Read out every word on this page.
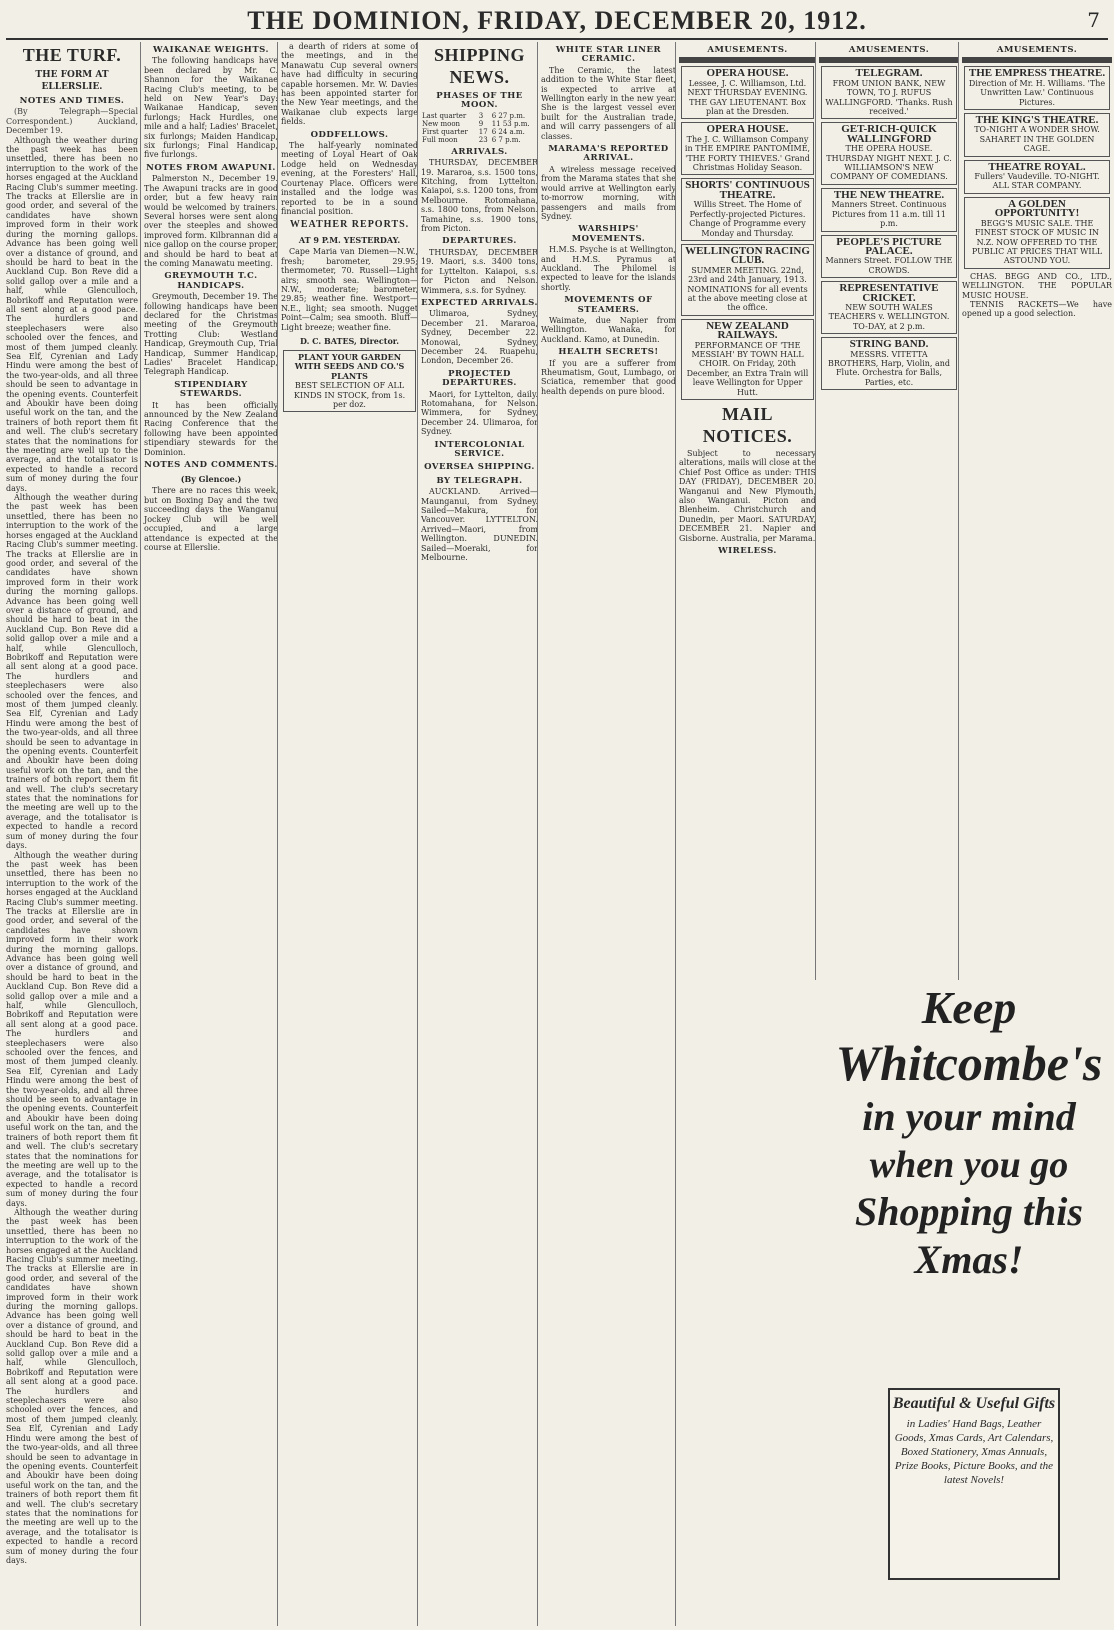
THE DOMINION, FRIDAY, DECEMBER 20, 1912.	7
THE TURF.
THE FORM AT ELLERSLIE.
NOTES AND TIMES.

(By Telegraph—Special Correspondent.) Auckland, December 19.

Although the weather during the past week has been unsettled, there has been no interruption to the work of the horses engaged at the Auckland Racing Club's summer meeting. The tracks at Ellerslie are in good order, and several of the candidates have shown improved form in their work during the morning gallops. Advance has been going well over a distance of ground, and should be hard to beat in the Auckland Cup. Bon Reve did a solid gallop over a mile and a half, while Glenculloch, Bobrikoff and Reputation were all sent along at a good pace. The hurdlers and steeplechasers were also schooled over the fences, and most of them jumped cleanly. Sea Elf, Cyrenian and Lady Hindu were among the best of the two-year-olds, and all three should be seen to advantage in the opening events. Counterfeit and Aboukir have been doing useful work on the tan, and the trainers of both report them fit and well. The club's secretary states that the nominations for the meeting are well up to the average, and the totalisator is expected to handle a record sum of money during the four days.

Although the weather during the past week has been unsettled, there has been no interruption to the work of the horses engaged at the Auckland Racing Club's summer meeting. The tracks at Ellerslie are in good order, and several of the candidates have shown improved form in their work during the morning gallops. Advance has been going well over a distance of ground, and should be hard to beat in the Auckland Cup. Bon Reve did a solid gallop over a mile and a half, while Glenculloch, Bobrikoff and Reputation were all sent along at a good pace. The hurdlers and steeplechasers were also schooled over the fences, and most of them jumped cleanly. Sea Elf, Cyrenian and Lady Hindu were among the best of the two-year-olds, and all three should be seen to advantage in the opening events. Counterfeit and Aboukir have been doing useful work on the tan, and the trainers of both report them fit and well. The club's secretary states that the nominations for the meeting are well up to the average, and the totalisator is expected to handle a record sum of money during the four days.

Although the weather during the past week has been unsettled, there has been no interruption to the work of the horses engaged at the Auckland Racing Club's summer meeting. The tracks at Ellerslie are in good order, and several of the candidates have shown improved form in their work during the morning gallops. Advance has been going well over a distance of ground, and should be hard to beat in the Auckland Cup. Bon Reve did a solid gallop over a mile and a half, while Glenculloch, Bobrikoff and Reputation were all sent along at a good pace. The hurdlers and steeplechasers were also schooled over the fences, and most of them jumped cleanly. Sea Elf, Cyrenian and Lady Hindu were among the best of the two-year-olds, and all three should be seen to advantage in the opening events. Counterfeit and Aboukir have been doing useful work on the tan, and the trainers of both report them fit and well. The club's secretary states that the nominations for the meeting are well up to the average, and the totalisator is expected to handle a record sum of money during the four days.

Although the weather during the past week has been unsettled, there has been no interruption to the work of the horses engaged at the Auckland Racing Club's summer meeting. The tracks at Ellerslie are in good order, and several of the candidates have shown improved form in their work during the morning gallops. Advance has been going well over a distance of ground, and should be hard to beat in the Auckland Cup. Bon Reve did a solid gallop over a mile and a half, while Glenculloch, Bobrikoff and Reputation were all sent along at a good pace. The hurdlers and steeplechasers were also schooled over the fences, and most of them jumped cleanly. Sea Elf, Cyrenian and Lady Hindu were among the best of the two-year-olds, and all three should be seen to advantage in the opening events. Counterfeit and Aboukir have been doing useful work on the tan, and the trainers of both report them fit and well. The club's secretary states that the nominations for the meeting are well up to the average, and the totalisator is expected to handle a record sum of money during the four days.

WAIKANAE WEIGHTS.

The following handicaps have been declared by Mr. C. Shannon for the Waikanae Racing Club's meeting, to be held on New Year's Day: Waikanae Handicap, seven furlongs; Hack Hurdles, one mile and a half; Ladies' Bracelet, six furlongs; Maiden Handicap, six furlongs; Final Handicap, five furlongs.

NOTES FROM AWAPUNI.

Palmerston N., December 19. The Awapuni tracks are in good order, but a few heavy rain would be welcomed by trainers. Several horses were sent along over the steeples and showed improved form. Kilbrannan did a nice gallop on the course proper, and should be hard to beat at the coming Manawatu meeting.

GREYMOUTH T.C. HANDICAPS.

Greymouth, December 19. The following handicaps have been declared for the Christmas meeting of the Greymouth Trotting Club: Westland Handicap, Greymouth Cup, Trial Handicap, Summer Handicap, Ladies' Bracelet Handicap, Telegraph Handicap.

STIPENDIARY STEWARDS.

It has been officially announced by the New Zealand Racing Conference that the following have been appointed stipendiary stewards for the Dominion.

NOTES AND COMMENTS.
(By Glencoe.)

There are no races this week, but on Boxing Day and the two succeeding days the Wanganui Jockey Club will be well occupied, and a large attendance is expected at the course at Ellerslie.

a dearth of riders at some of the meetings, and in the Manawatu Cup several owners have had difficulty in securing capable horsemen. Mr. W. Davies has been appointed starter for the New Year meetings, and the Waikanae club expects large fields.

ODDFELLOWS.

The half-yearly nominated meeting of Loyal Heart of Oak Lodge held on Wednesday evening, at the Foresters' Hall, Courtenay Place. Officers were installed and the lodge was reported to be in a sound financial position.

WEATHER REPORTS.
AT 9 P.M. YESTERDAY.

Cape Maria van Diemen—N.W., fresh; barometer, 29.95; thermometer, 70. Russell—Light airs; smooth sea. Wellington—N.W., moderate; barometer, 29.85; weather fine. Westport—N.E., light; sea smooth. Nugget Point—Calm; sea smooth. Bluff—Light breeze; weather fine.

D. C. BATES, Director.
PLANT YOUR GARDEN WITH SEEDS AND CO.'S PLANTS
BEST SELECTION OF ALL KINDS IN STOCK, from 1s. per doz.
SHIPPING NEWS.
PHASES OF THE MOON.
Last quarter	3	6 27 p.m.
New moon	9	11 53 p.m.
First quarter	17	6 24 a.m.
Full moon	23	6 7 p.m.
ARRIVALS.

THURSDAY, DECEMBER 19. Mararoa, s.s. 1500 tons, Kitching, from Lyttelton. Kaiapoi, s.s. 1200 tons, from Melbourne. Rotomahana, s.s. 1800 tons, from Nelson. Tamahine, s.s. 1900 tons, from Picton.

DEPARTURES.

THURSDAY, DECEMBER 19. Maori, s.s. 3400 tons, for Lyttelton. Kaiapoi, s.s. for Picton and Nelson. Wimmera, s.s. for Sydney.

EXPECTED ARRIVALS.

Ulimaroa, Sydney, December 21. Mararoa, Sydney, December 22. Monowai, Sydney, December 24. Ruapehu, London, December 26.

PROJECTED DEPARTURES.

Maori, for Lyttelton, daily. Rotomahana, for Nelson. Wimmera, for Sydney, December 24. Ulimaroa, for Sydney.

INTERCOLONIAL SERVICE.
OVERSEA SHIPPING.
BY TELEGRAPH.

AUCKLAND. Arrived—Maunganui, from Sydney. Sailed—Makura, for Vancouver. LYTTELTON. Arrived—Maori, from Wellington. DUNEDIN. Sailed—Moeraki, for Melbourne.

WHITE STAR LINER CERAMIC.

The Ceramic, the latest addition to the White Star fleet, is expected to arrive at Wellington early in the new year. She is the largest vessel ever built for the Australian trade, and will carry passengers of all classes.

MARAMA'S REPORTED ARRIVAL.

A wireless message received from the Marama states that she would arrive at Wellington early to-morrow morning, with passengers and mails from Sydney.

WARSHIPS' MOVEMENTS.

H.M.S. Psyche is at Wellington, and H.M.S. Pyramus at Auckland. The Philomel is expected to leave for the islands shortly.

MOVEMENTS OF STEAMERS.

Waimate, due Napier from Wellington. Wanaka, for Auckland. Kamo, at Dunedin.

HEALTH SECRETS!

If you are a sufferer from Rheumatism, Gout, Lumbago, or Sciatica, remember that good health depends on pure blood.

AMUSEMENTS.
OPERA HOUSE.
Lessee, J. C. Williamson, Ltd. NEXT THURSDAY EVENING. THE GAY LIEUTENANT. Box plan at the Dresden.
OPERA HOUSE.
The J. C. Williamson Company in THE EMPIRE PANTOMIME, 'THE FORTY THIEVES.' Grand Christmas Holiday Season.
SHORTS' CONTINUOUS THEATRE.
Willis Street. The Home of Perfectly-projected Pictures. Change of Programme every Monday and Thursday.
WELLINGTON RACING CLUB.
SUMMER MEETING. 22nd, 23rd and 24th January, 1913. NOMINATIONS for all events at the above meeting close at the office.
NEW ZEALAND RAILWAYS.
PERFORMANCE OF 'THE MESSIAH' BY TOWN HALL CHOIR. On Friday, 20th December, an Extra Train will leave Wellington for Upper Hutt.
MAIL NOTICES.

Subject to necessary alterations, mails will close at the Chief Post Office as under: THIS DAY (FRIDAY), DECEMBER 20. Wanganui and New Plymouth, also Wanganui. Picton and Blenheim. Christchurch and Dunedin, per Maori. SATURDAY, DECEMBER 21. Napier and Gisborne. Australia, per Marama.

WIRELESS.
AMUSEMENTS.
TELEGRAM.
FROM UNION BANK, NEW TOWN, TO J. RUFUS WALLINGFORD. 'Thanks. Rush received.'
GET-RICH-QUICK WALLINGFORD
THE OPERA HOUSE. THURSDAY NIGHT NEXT. J. C. WILLIAMSON'S NEW COMPANY OF COMEDIANS.
THE NEW THEATRE.
Manners Street. Continuous Pictures from 11 a.m. till 11 p.m.
PEOPLE'S PICTURE PALACE.
Manners Street. FOLLOW THE CROWDS.
REPRESENTATIVE CRICKET.
NEW SOUTH WALES TEACHERS v. WELLINGTON. TO-DAY, at 2 p.m.
STRING BAND.
MESSRS. VITETTA BROTHERS, Harp, Violin, and Flute. Orchestra for Balls, Parties, etc.
AMUSEMENTS.
THE EMPRESS THEATRE.
Direction of Mr. H. Williams. 'The Unwritten Law.' Continuous Pictures.
THE KING'S THEATRE.
TO-NIGHT A WONDER SHOW. SAHARET IN THE GOLDEN CAGE.
THEATRE ROYAL.
Fullers' Vaudeville. TO-NIGHT. ALL STAR COMPANY.
A GOLDEN OPPORTUNITY!
BEGG'S MUSIC SALE. THE FINEST STOCK OF MUSIC IN N.Z. NOW OFFERED TO THE PUBLIC AT PRICES THAT WILL ASTOUND YOU.

CHAS. BEGG AND CO., LTD., WELLINGTON. THE POPULAR MUSIC HOUSE.

TENNIS RACKETS—We have opened up a good selection.

Keep
Whitcombe's
in your mind
when you go
Shopping this
Xmas!
Beautiful & Useful Gifts
in Ladies' Hand Bags, Leather Goods, Xmas Cards, Art Calendars, Boxed Stationery, Xmas Annuals, Prize Books, Picture Books, and the latest Novels!
